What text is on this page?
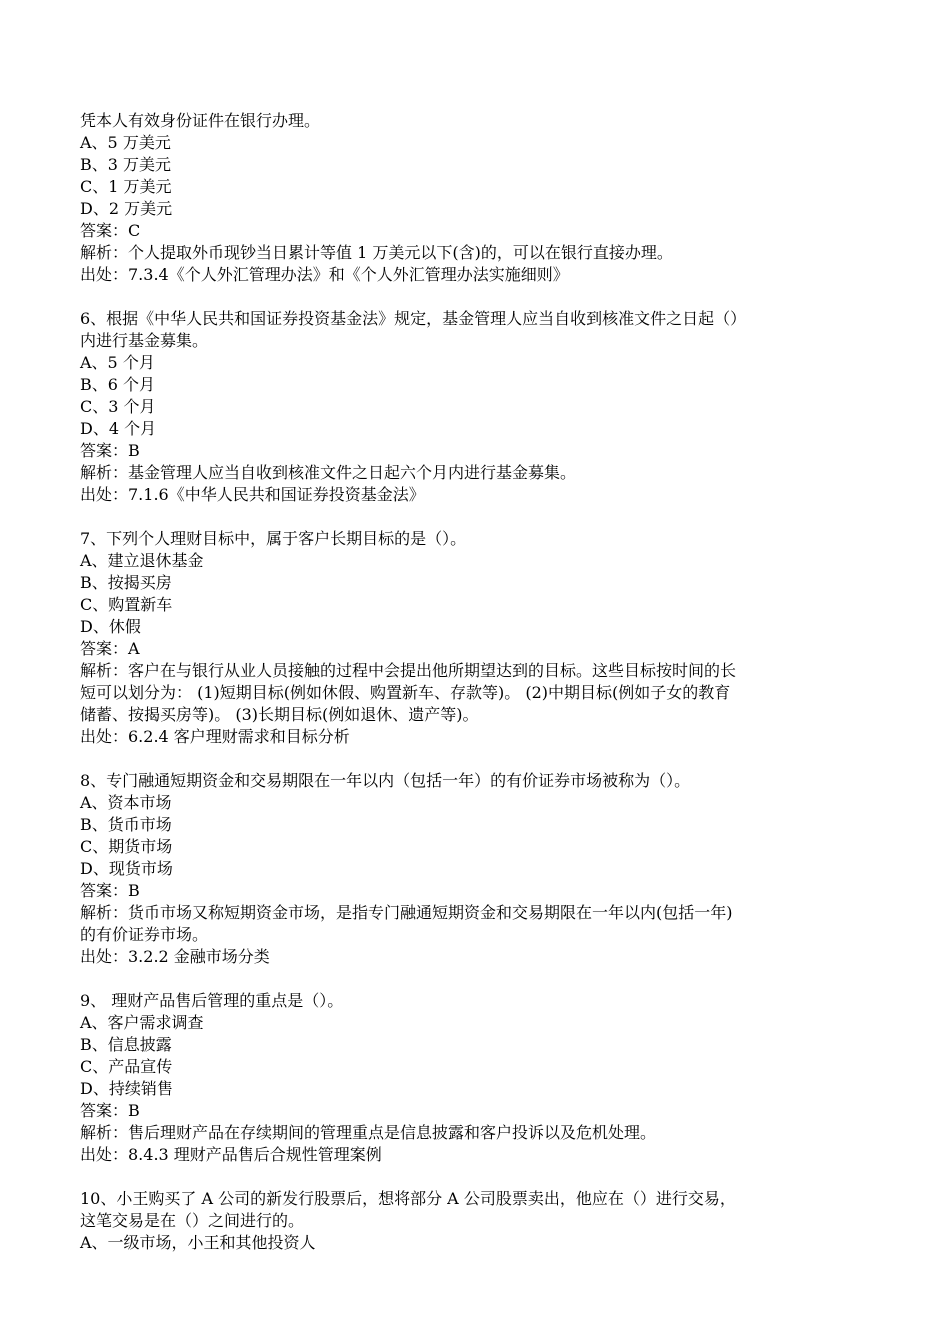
凭本人有效身份证件在银行办理。
A、5 万美元
B、3 万美元
C、1 万美元
D、2 万美元
答案：C
解析：个人提取外币现钞当日累计等值 1 万美元以下(含)的，可以在银行直接办理。
出处：7.3.4《个人外汇管理办法》和《个人外汇管理办法实施细则》
6、根据《中华人民共和国证券投资基金法》规定，基金管理人应当自收到核准文件之日起（）
内进行基金募集。
A、5 个月
B、6 个月
C、3 个月
D、4 个月
答案：B
解析：基金管理人应当自收到核准文件之日起六个月内进行基金募集。
出处：7.1.6《中华人民共和国证券投资基金法》
7、下列个人理财目标中，属于客户长期目标的是（）。
A、建立退休基金
B、按揭买房
C、购置新车
D、休假
答案：A
解析：客户在与银行从业人员接触的过程中会提出他所期望达到的目标。这些目标按时间的长
短可以划分为： (1)短期目标(例如休假、购置新车、存款等)。 (2)中期目标(例如子女的教育
储蓄、按揭买房等)。 (3)长期目标(例如退休、遗产等)。
出处：6.2.4 客户理财需求和目标分析
8、专门融通短期资金和交易期限在一年以内（包括一年）的有价证券市场被称为（）。
A、资本市场
B、货币市场
C、期货市场
D、现货市场
答案：B
解析：货币市场又称短期资金市场，是指专门融通短期资金和交易期限在一年以内(包括一年)
的有价证券市场。
出处：3.2.2 金融市场分类
9、 理财产品售后管理的重点是（）。
A、客户需求调查
B、信息披露
C、产品宣传
D、持续销售
答案：B
解析：售后理财产品在存续期间的管理重点是信息披露和客户投诉以及危机处理。
出处：8.4.3 理财产品售后合规性管理案例
10、小王购买了 A 公司的新发行股票后，想将部分 A 公司股票卖出，他应在（）进行交易，
这笔交易是在（）之间进行的。
A、一级市场，小王和其他投资人
